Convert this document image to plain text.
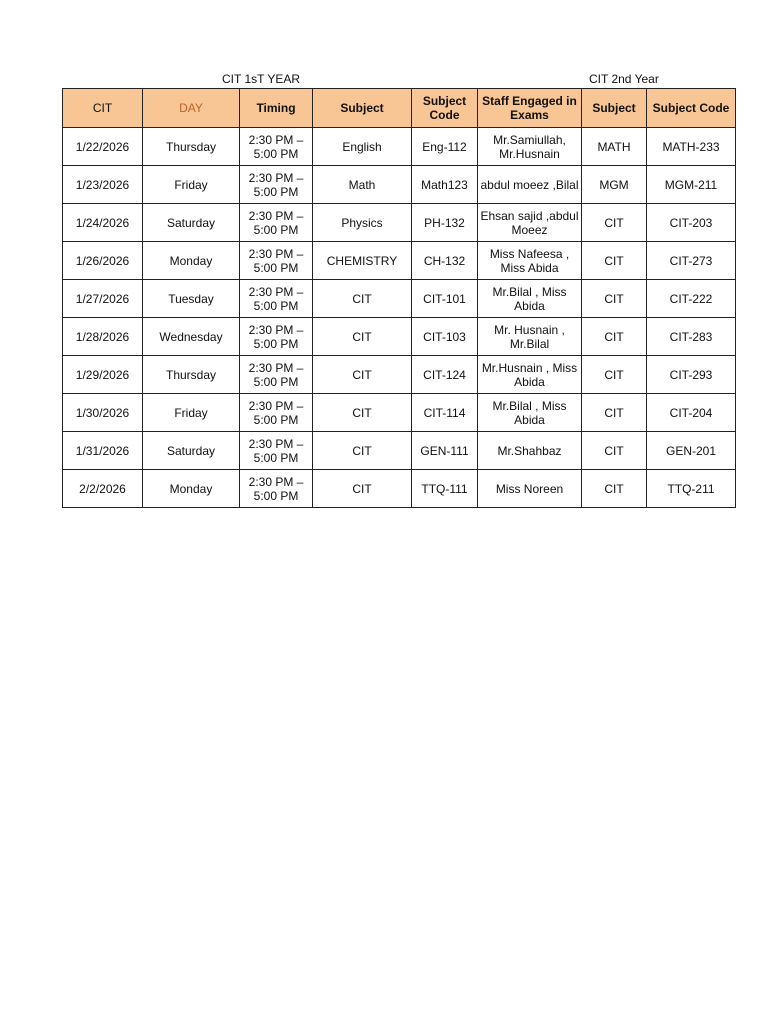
CIT 1sT YEAR	CIT 2nd Year
CIT	DAY	Timing	Subject	Subject Code	Staff Engaged in Exams	Subject	Subject Code
1/22/2026	Thursday	2:30 PM – 5:00 PM	English	Eng-112	Mr.Samiullah, Mr.Husnain	MATH	MATH-233
1/23/2026	Friday	2:30 PM – 5:00 PM	Math	Math123	abdul moeez ,Bilal	MGM	MGM-211
1/24/2026	Saturday	2:30 PM – 5:00 PM	Physics	PH-132	Ehsan sajid ,abdul Moeez	CIT	CIT-203
1/26/2026	Monday	2:30 PM – 5:00 PM	CHEMISTRY	CH-132	Miss Nafeesa , Miss Abida	CIT	CIT-273
1/27/2026	Tuesday	2:30 PM – 5:00 PM	CIT	CIT-101	Mr.Bilal , Miss Abida	CIT	CIT-222
1/28/2026	Wednesday	2:30 PM – 5:00 PM	CIT	CIT-103	Mr. Husnain , Mr.Bilal	CIT	CIT-283
1/29/2026	Thursday	2:30 PM – 5:00 PM	CIT	CIT-124	Mr.Husnain , Miss Abida	CIT	CIT-293
1/30/2026	Friday	2:30 PM – 5:00 PM	CIT	CIT-114	Mr.Bilal , Miss Abida	CIT	CIT-204
1/31/2026	Saturday	2:30 PM – 5:00 PM	CIT	GEN-111	Mr.Shahbaz	CIT	GEN-201
2/2/2026	Monday	2:30 PM – 5:00 PM	CIT	TTQ-111	Miss Noreen	CIT	TTQ-211
